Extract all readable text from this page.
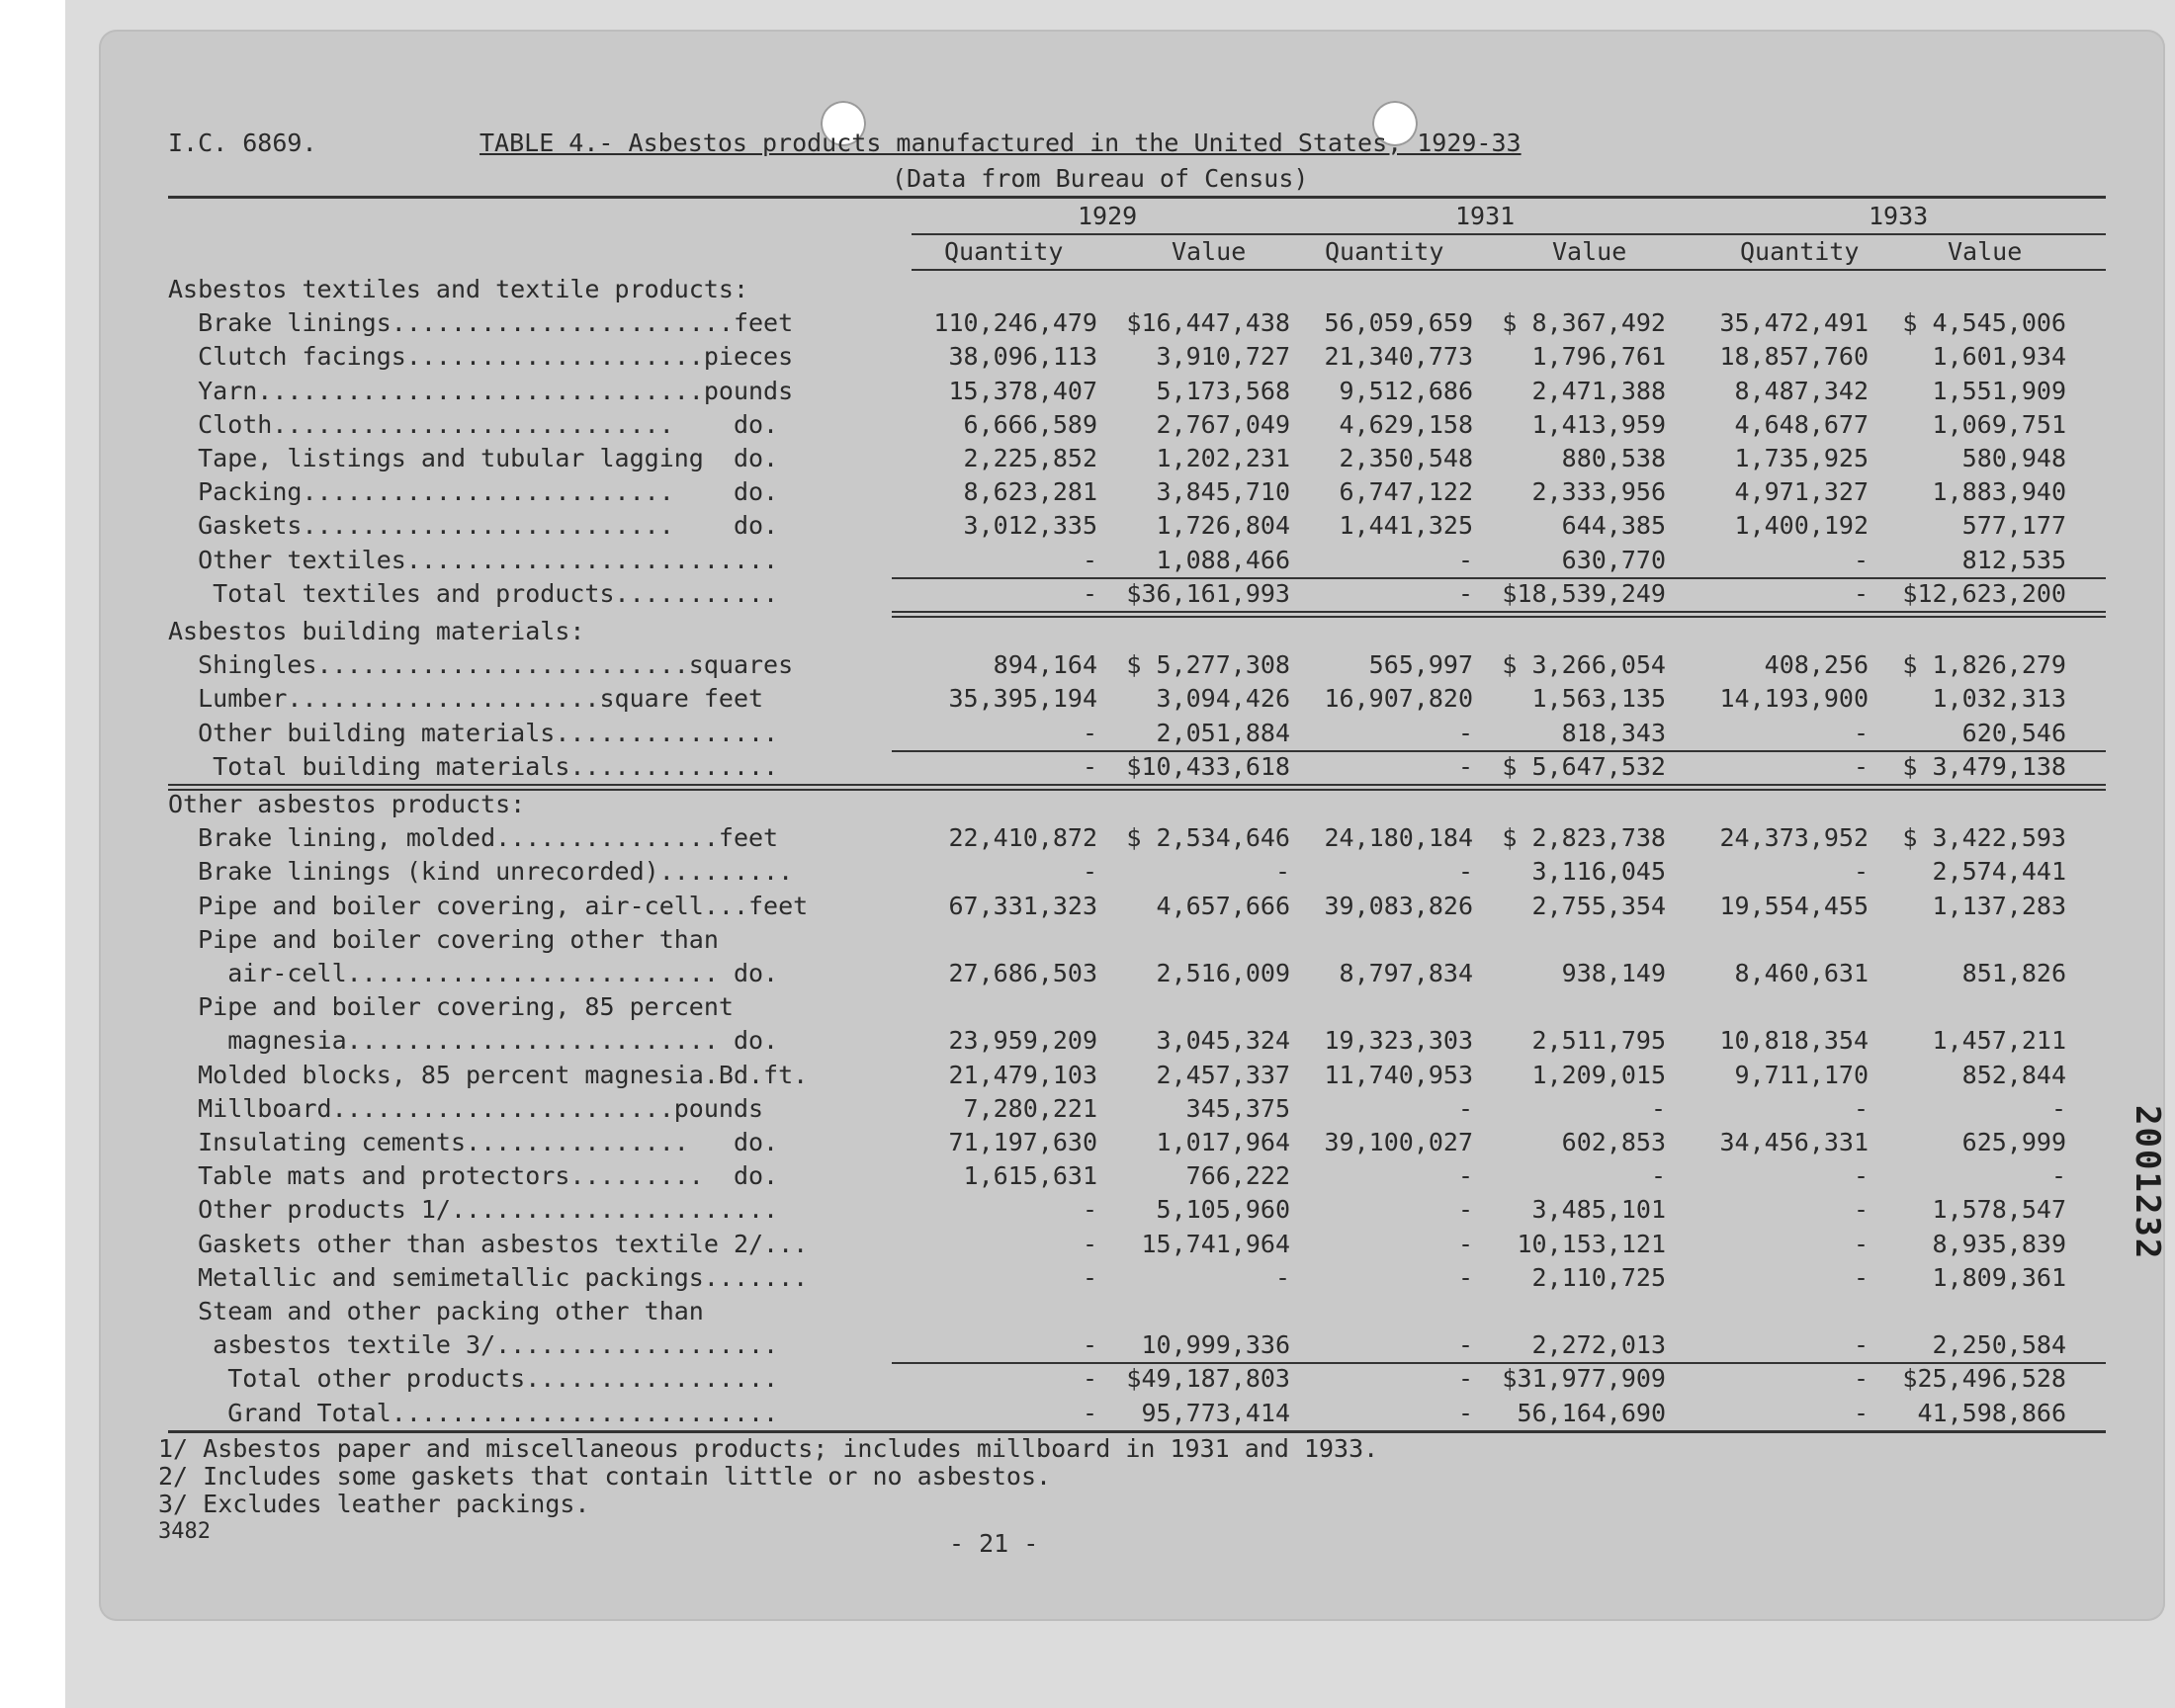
I.C. 6869.	TABLE 4.- Asbestos products manufactured in the United States, 1929-33
(Data from Bureau of Census)
1929	1931	1933
Quantity	Value	Quantity	Value	Quantity	Value
Asbestos textiles and textile products:
Brake linings.......................feet	110,246,479 $16,447,438 56,059,659 $ 8,367,492 35,472,491 $ 4,545,006
Clutch facings....................pieces	38,096,113 3,910,727 21,340,773 1,796,761 18,857,760	1,601,934
Yarn..............................pounds	15,378,407 5,173,568 9,512,686 2,471,388	8,487,342	1,551,909
Cloth...........................    do.	6,666,589 2,767,049 4,629,158 1,413,959	4,648,677	1,069,751
Tape, listings and tubular lagging  do.	2,225,852 1,202,231 2,350,548	880,538	1,735,925	580,948
Packing.........................    do.	8,623,281 3,845,710 6,747,122 2,333,956	4,971,327	1,883,940
Gaskets.........................    do.	3,012,335 1,726,804 1,441,325	644,385	1,400,192	577,177
Other textiles.........................	- 1,088,466	-	630,770	-	812,535
Total textiles and products...........	- $36,161,993	- $18,539,249	- $12,623,200
Asbestos building materials:
Shingles.........................squares	894,164 $ 5,277,308	565,997 $ 3,266,054	408,256 $ 1,826,279
Lumber.....................square feet	35,395,194 3,094,426 16,907,820 1,563,135 14,193,900	1,032,313
Other building materials...............	- 2,051,884	-	818,343	-	620,546
Total building materials..............	- $10,433,618	- $ 5,647,532	- $ 3,479,138
Other asbestos products:
Brake lining, molded...............feet	22,410,872 $ 2,534,646 24,180,184 $ 2,823,738 24,373,952 $ 3,422,593
Brake linings (kind unrecorded).........	-	-	- 3,116,045	-	2,574,441
Pipe and boiler covering, air-cell...feet	67,331,323 4,657,666 39,083,826 2,755,354 19,554,455	1,137,283
Pipe and boiler covering other than
air-cell......................... do.	27,686,503 2,516,009 8,797,834	938,149	8,460,631	851,826
Pipe and boiler covering, 85 percent
magnesia......................... do.	23,959,209 3,045,324 19,323,303 2,511,795 10,818,354	1,457,211
Molded blocks, 85 percent magnesia.Bd.ft.	21,479,103 2,457,337 11,740,953 1,209,015	9,711,170	852,844
Millboard.......................pounds	7,280,221	345,375	-	-	-	-
Insulating cements...............   do.	71,197,630 1,017,964 39,100,027	602,853 34,456,331	625,999
Table mats and protectors.........  do.	1,615,631	766,222	-	-	-	-
Other products 1/......................	- 5,105,960	- 3,485,101	-	1,578,547
Gaskets other than asbestos textile 2/...	- 15,741,964	- 10,153,121	-	8,935,839
Metallic and semimetallic packings.......	-	-	- 2,110,725	-	1,809,361
Steam and other packing other than
asbestos textile 3/...................	- 10,999,336	- 2,272,013	-	2,250,584
Total other products.................	- $49,187,803	- $31,977,909	- $25,496,528
Grand Total..........................	- 95,773,414	- 56,164,690	- 41,598,866
1/ Asbestos paper and miscellaneous products; includes millboard in 1931 and 1933.
2/ Includes some gaskets that contain little or no asbestos.
3/ Excludes leather packings.
3482	- 21 -
2001232
